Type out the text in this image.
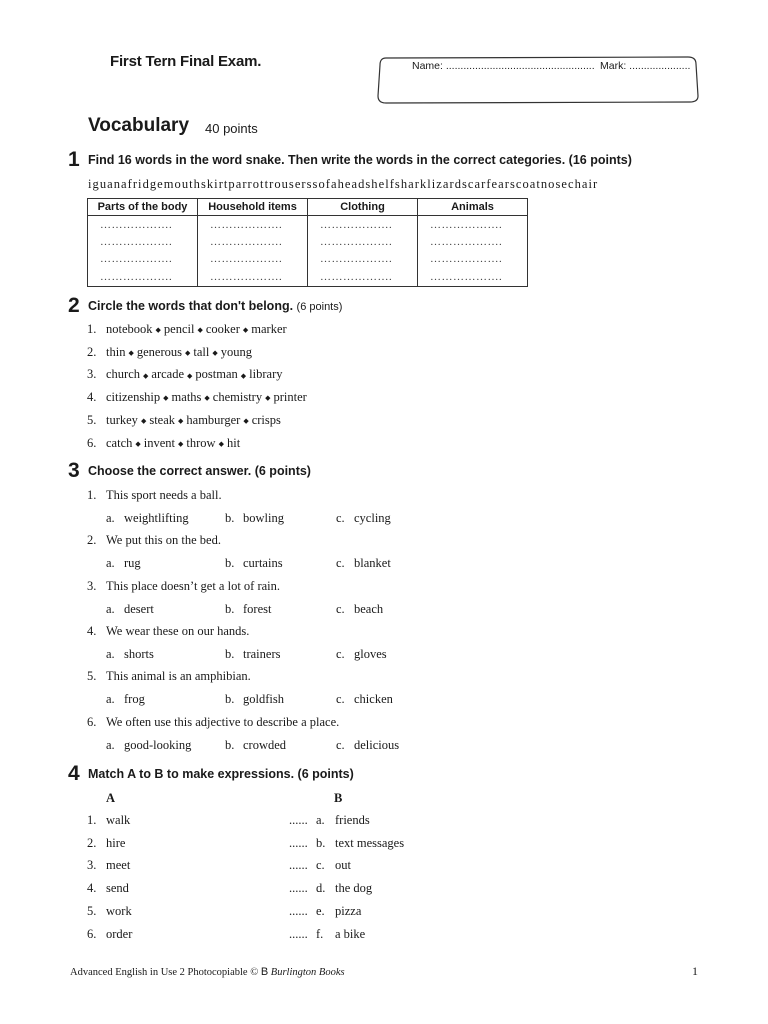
First Tern Final Exam.	Name: ................................................... Mark: .....................
Vocabulary 40 points
1 Find 16 words in the word snake. Then write the words in the correct categories. (16 points)
iguanafridgemouthskirtparrottrouserssofaheadshelfsharklizardscarfearscoatnosechair
Parts of the body	Household items	Clothing	Animals
……………….	……………….	……………….	……………….
……………….	……………….	……………….	……………….
……………….	……………….	……………….	……………….
……………….	……………….	……………….	……………….
2 Circle the words that don't belong. (6 points)
1. notebook ◆ pencil ◆ cooker ◆ marker
2. thin ◆ generous ◆ tall ◆ young
3. church ◆ arcade ◆ postman ◆ library
4. citizenship ◆ maths ◆ chemistry ◆ printer
5. turkey ◆ steak ◆ hamburger ◆ crisps
6. catch ◆ invent ◆ throw ◆ hit
3 Choose the correct answer. (6 points)
1. This sport needs a ball.
a. weightlifting	b. bowling	c. cycling
2. We put this on the bed.
a. rug	b. curtains	c. blanket
3. This place doesn’t get a lot of rain.
a. desert	b. forest	c. beach
4. We wear these on our hands.
a. shorts	b. trainers	c. gloves
5. This animal is an amphibian.
a. frog	b. goldfish	c. chicken
6. We often use this adjective to describe a place.
a. good-looking	b. crowded	c. delicious
4 Match A to B to make expressions. (6 points)
A	B
1. walk	...... a. friends
2. hire	...... b. text messages
3. meet	...... c. out
4. send	...... d. the dog
5. work	...... e. pizza
6. order	...... f. a bike
Advanced English in Use 2 Photocopiable © B Burlington Books	1
